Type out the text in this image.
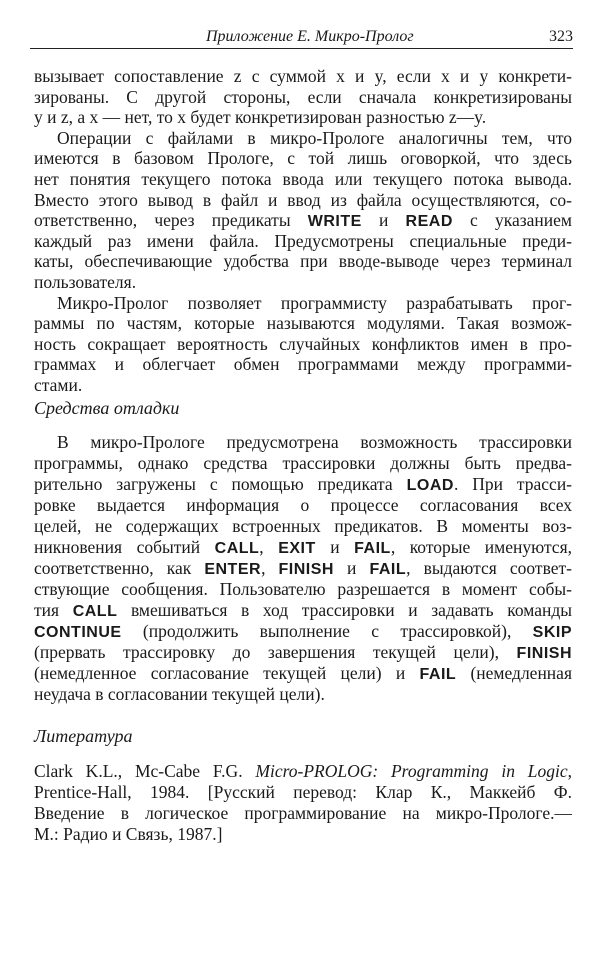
Приложение Е. Микро-Пролог	323
Средства отладки
Литература
вызывает сопоставление z с суммой x и y, если x и y конкрети-
зированы. С другой стороны, если сначала конкретизированы
y и z, а x — нет, то x будет конкретизирован разностью z—y.
Операции с файлами в микро-Прологе аналогичны тем, что
имеются в базовом Прологе, с той лишь оговоркой, что здесь
нет понятия текущего потока ввода или текущего потока вывода.
Вместо этого вывод в файл и ввод из файла осуществляются, со-
ответственно, через предикаты WRITE и READ с указанием
каждый раз имени файла. Предусмотрены специальные преди-
каты, обеспечивающие удобства при вводе-выводе через терминал
пользователя.
Микро-Пролог позволяет программисту разрабатывать прог-
раммы по частям, которые называются модулями. Такая возмож-
ность сокращает вероятность случайных конфликтов имен в про-
граммах и облегчает обмен программами между программи-
стами.
В микро-Прологе предусмотрена возможность трассировки
программы, однако средства трассировки должны быть предва-
рительно загружены с помощью предиката LOAD. При трасси-
ровке выдается информация о процессе согласования всех
целей, не содержащих встроенных предикатов. В моменты воз-
никновения событий CALL, EXIT и FAIL, которые именуются,
соответственно, как ENTER, FINISH и FAIL, выдаются соответ-
ствующие сообщения. Пользователю разрешается в момент собы-
тия CALL вмешиваться в ход трассировки и задавать команды
CONTINUE (продолжить выполнение с трассировкой), SKIP
(прервать трассировку до завершения текущей цели), FINISH
(немедленное согласование текущей цели) и FAIL (немедленная
неудача в согласовании текущей цели).
Clark K.L., Mc-Cabe F.G. Micro-PROLOG: Programming in Logic,
Prentice-Hall, 1984. [Русский перевод: Клар К., Маккейб Ф.
Введение в логическое программирование на микро-Прологе.—
М.: Радио и Связь, 1987.]
